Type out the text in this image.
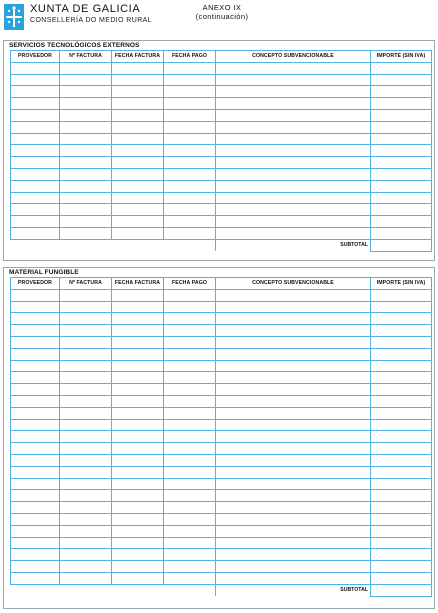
XUNTA DE GALICIA
CONSELLERÍA DO MEDIO RURAL
ANEXO IX
(continuación)
SERVICIOS TECNOLÓGICOS EXTERNOS
PROVEEDOR	Nº FACTURA	FECHA FACTURA	FECHA PAGO	CONCEPTO SUBVENCIONABLE	IMPORTE (SIN IVA)

				SUBTOTAL	
MATERIAL FUNGIBLE
PROVEEDOR	Nº FACTURA	FECHA FACTURA	FECHA PAGO	CONCEPTO SUBVENCIONABLE	IMPORTE (SIN IVA)

				SUBTOTAL	
